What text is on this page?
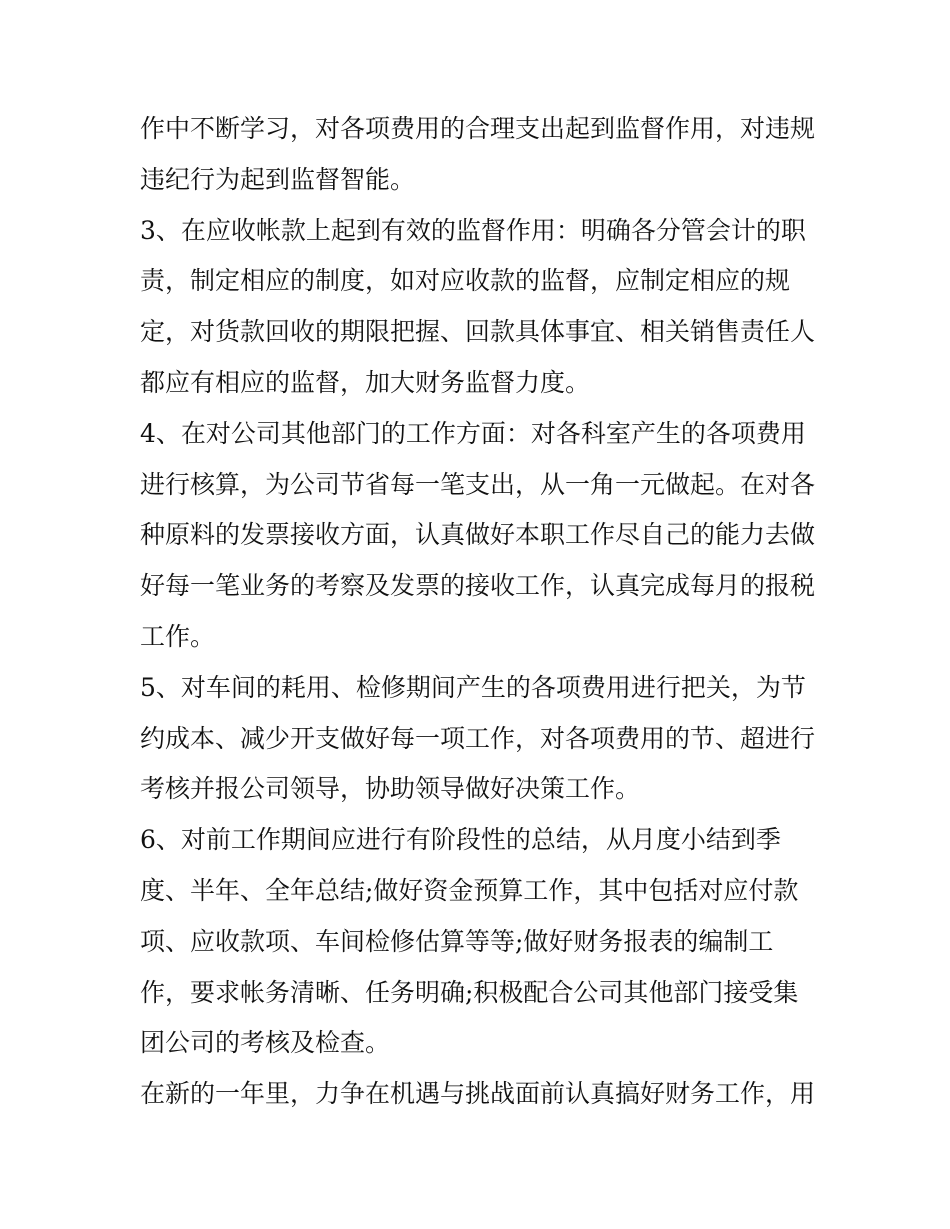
作中不断学习，对各项费用的合理支出起到监督作用，对违规
违纪行为起到监督智能。
3、在应收帐款上起到有效的监督作用：明确各分管会计的职
责，制定相应的制度，如对应收款的监督，应制定相应的规
定，对货款回收的期限把握、回款具体事宜、相关销售责任人
都应有相应的监督，加大财务监督力度。
4、在对公司其他部门的工作方面：对各科室产生的各项费用
进行核算，为公司节省每一笔支出，从一角一元做起。在对各
种原料的发票接收方面，认真做好本职工作尽自己的能力去做
好每一笔业务的考察及发票的接收工作，认真完成每月的报税
工作。
5、对车间的耗用、检修期间产生的各项费用进行把关，为节
约成本、减少开支做好每一项工作，对各项费用的节、超进行
考核并报公司领导，协助领导做好决策工作。
6、对前工作期间应进行有阶段性的总结，从月度小结到季
度、半年、全年总结;做好资金预算工作，其中包括对应付款
项、应收款项、车间检修估算等等;做好财务报表的编制工
作，要求帐务清晰、任务明确;积极配合公司其他部门接受集
团公司的考核及检查。
在新的一年里，力争在机遇与挑战面前认真搞好财务工作，用
